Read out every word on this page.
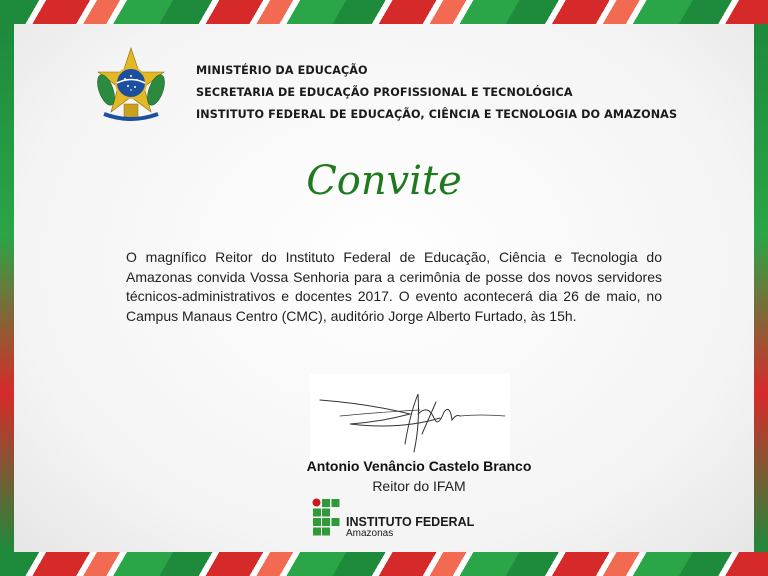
MINISTÉRIO DA EDUCAÇÃO
SECRETARIA DE EDUCAÇÃO PROFISSIONAL E TECNOLÓGICA
INSTITUTO FEDERAL DE EDUCAÇÃO, CIÊNCIA E TECNOLOGIA DO AMAZONAS
Convite
O magnífico Reitor do Instituto Federal de Educação, Ciência e Tecnologia do Amazonas convida Vossa Senhoria para a cerimônia de posse dos novos servidores técnicos-administrativos e docentes 2017. O evento acontecerá dia 26 de maio, no Campus Manaus Centro (CMC), auditório Jorge Alberto Furtado, às 15h.
INSTITUTO FEDERAL
Amazonas
Antonio Venâncio Castelo Branco
Reitor do IFAM
